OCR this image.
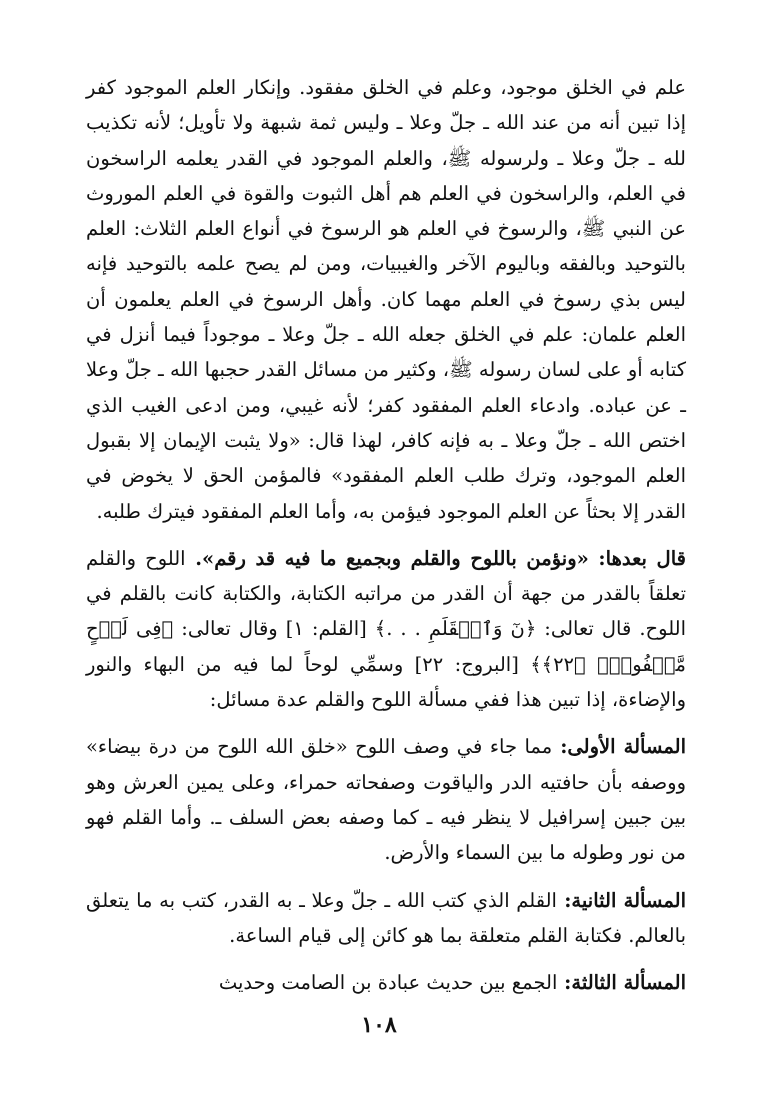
علم في الخلق موجود، وعلم في الخلق مفقود. وإنكار العلم الموجود كفر إذا تبين أنه من عند الله ـ جلّ وعلا ـ وليس ثمة شبهة ولا تأويل؛ لأنه تكذيب لله ـ جلّ وعلا ـ ولرسوله ﷺ، والعلم الموجود في القدر يعلمه الراسخون في العلم، والراسخون في العلم هم أهل الثبوت والقوة في العلم الموروث عن النبي ﷺ، والرسوخ في العلم هو الرسوخ في أنواع العلم الثلاث: العلم بالتوحيد وبالفقه وباليوم الآخر والغيبيات، ومن لم يصح علمه بالتوحيد فإنه ليس بذي رسوخ في العلم مهما كان. وأهل الرسوخ في العلم يعلمون أن العلم علمان: علم في الخلق جعله الله ـ جلّ وعلا ـ موجوداً فيما أنزل في كتابه أو على لسان رسوله ﷺ، وكثير من مسائل القدر حجبها الله ـ جلّ وعلا ـ عن عباده. وادعاء العلم المفقود كفر؛ لأنه غيبي، ومن ادعى الغيب الذي اختص الله ـ جلّ وعلا ـ به فإنه كافر، لهذا قال: «ولا يثبت الإيمان إلا بقبول العلم الموجود، وترك طلب العلم المفقود» فالمؤمن الحق لا يخوض في القدر إلا بحثاً عن العلم الموجود فيؤمن به، وأما العلم المفقود فيترك طلبه.

قال بعدها: «ونؤمن باللوح والقلم وبجميع ما فيه قد رقم». اللوح والقلم تعلقاً بالقدر من جهة أن القدر من مراتبه الكتابة، والكتابة كانت بالقلم في اللوح. قال تعالى: ﴿نٓ وَٱلۡقَلَمِ . . .﴾ [القلم: ١] وقال تعالى: ﴿فِى لَوۡحٍ مَّحۡفُوظِۭ ﴿٢٢﴾﴾ [البروج: ٢٢] وسمِّي لوحاً لما فيه من البهاء والنور والإضاءة، إذا تبين هذا ففي مسألة اللوح والقلم عدة مسائل:

المسألة الأولى: مما جاء في وصف اللوح «خلق الله اللوح من درة بيضاء» ووصفه بأن حافتيه الدر والياقوت وصفحاته حمراء، وعلى يمين العرش وهو بين جبين إسرافيل لا ينظر فيه ـ كما وصفه بعض السلف ـ. وأما القلم فهو من نور وطوله ما بين السماء والأرض.

المسألة الثانية: القلم الذي كتب الله ـ جلّ وعلا ـ به القدر، كتب به ما يتعلق بالعالم. فكتابة القلم متعلقة بما هو كائن إلى قيام الساعة.

المسألة الثالثة: الجمع بين حديث عبادة بن الصامت وحديث

١٠٨
